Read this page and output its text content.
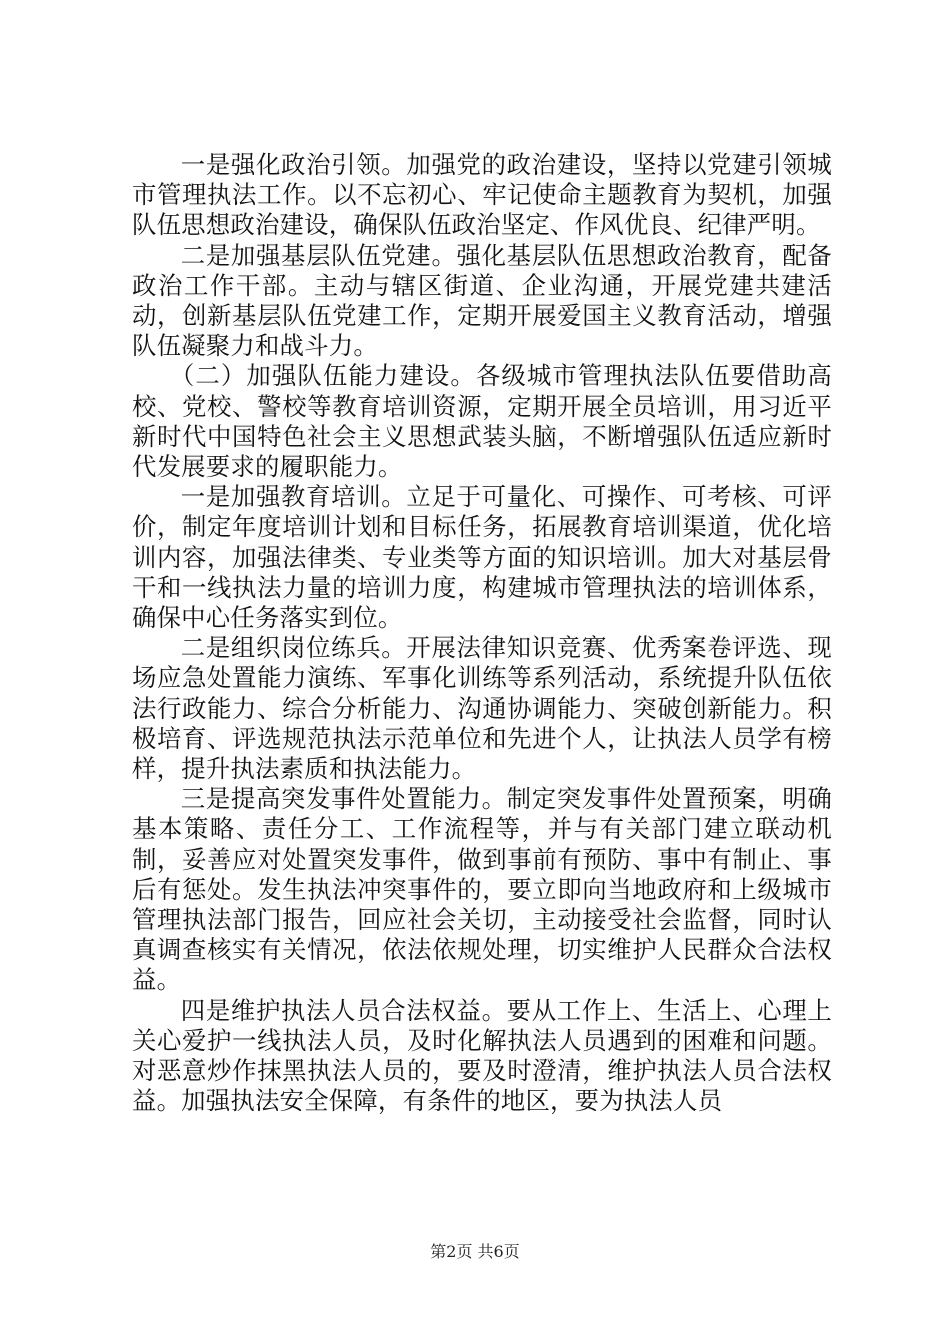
一是强化政治引领。加强党的政治建设，坚持以党建引领城市管理执法工作。以不忘初心、牢记使命主题教育为契机，加强队伍思想政治建设，确保队伍政治坚定、作风优良、纪律严明。

二是加强基层队伍党建。强化基层队伍思想政治教育，配备政治工作干部。主动与辖区街道、企业沟通，开展党建共建活动，创新基层队伍党建工作，定期开展爱国主义教育活动，增强队伍凝聚力和战斗力。

（二）加强队伍能力建设。各级城市管理执法队伍要借助高校、党校、警校等教育培训资源，定期开展全员培训，用习近平新时代中国特色社会主义思想武装头脑，不断增强队伍适应新时代发展要求的履职能力。

一是加强教育培训。立足于可量化、可操作、可考核、可评价，制定年度培训计划和目标任务，拓展教育培训渠道，优化培训内容，加强法律类、专业类等方面的知识培训。加大对基层骨干和一线执法力量的培训力度，构建城市管理执法的培训体系，确保中心任务落实到位。

二是组织岗位练兵。开展法律知识竞赛、优秀案卷评选、现场应急处置能力演练、军事化训练等系列活动，系统提升队伍依法行政能力、综合分析能力、沟通协调能力、突破创新能力。积极培育、评选规范执法示范单位和先进个人，让执法人员学有榜样，提升执法素质和执法能力。

三是提高突发事件处置能力。制定突发事件处置预案，明确基本策略、责任分工、工作流程等，并与有关部门建立联动机制，妥善应对处置突发事件，做到事前有预防、事中有制止、事后有惩处。发生执法冲突事件的，要立即向当地政府和上级城市管理执法部门报告，回应社会关切，主动接受社会监督，同时认真调查核实有关情况，依法依规处理，切实维护人民群众合法权益。

四是维护执法人员合法权益。要从工作上、生活上、心理上关心爱护一线执法人员，及时化解执法人员遇到的困难和问题。对恶意炒作抹黑执法人员的，要及时澄清，维护执法人员合法权益。加强执法安全保障，有条件的地区，要为执法人员

第2页 共6页
